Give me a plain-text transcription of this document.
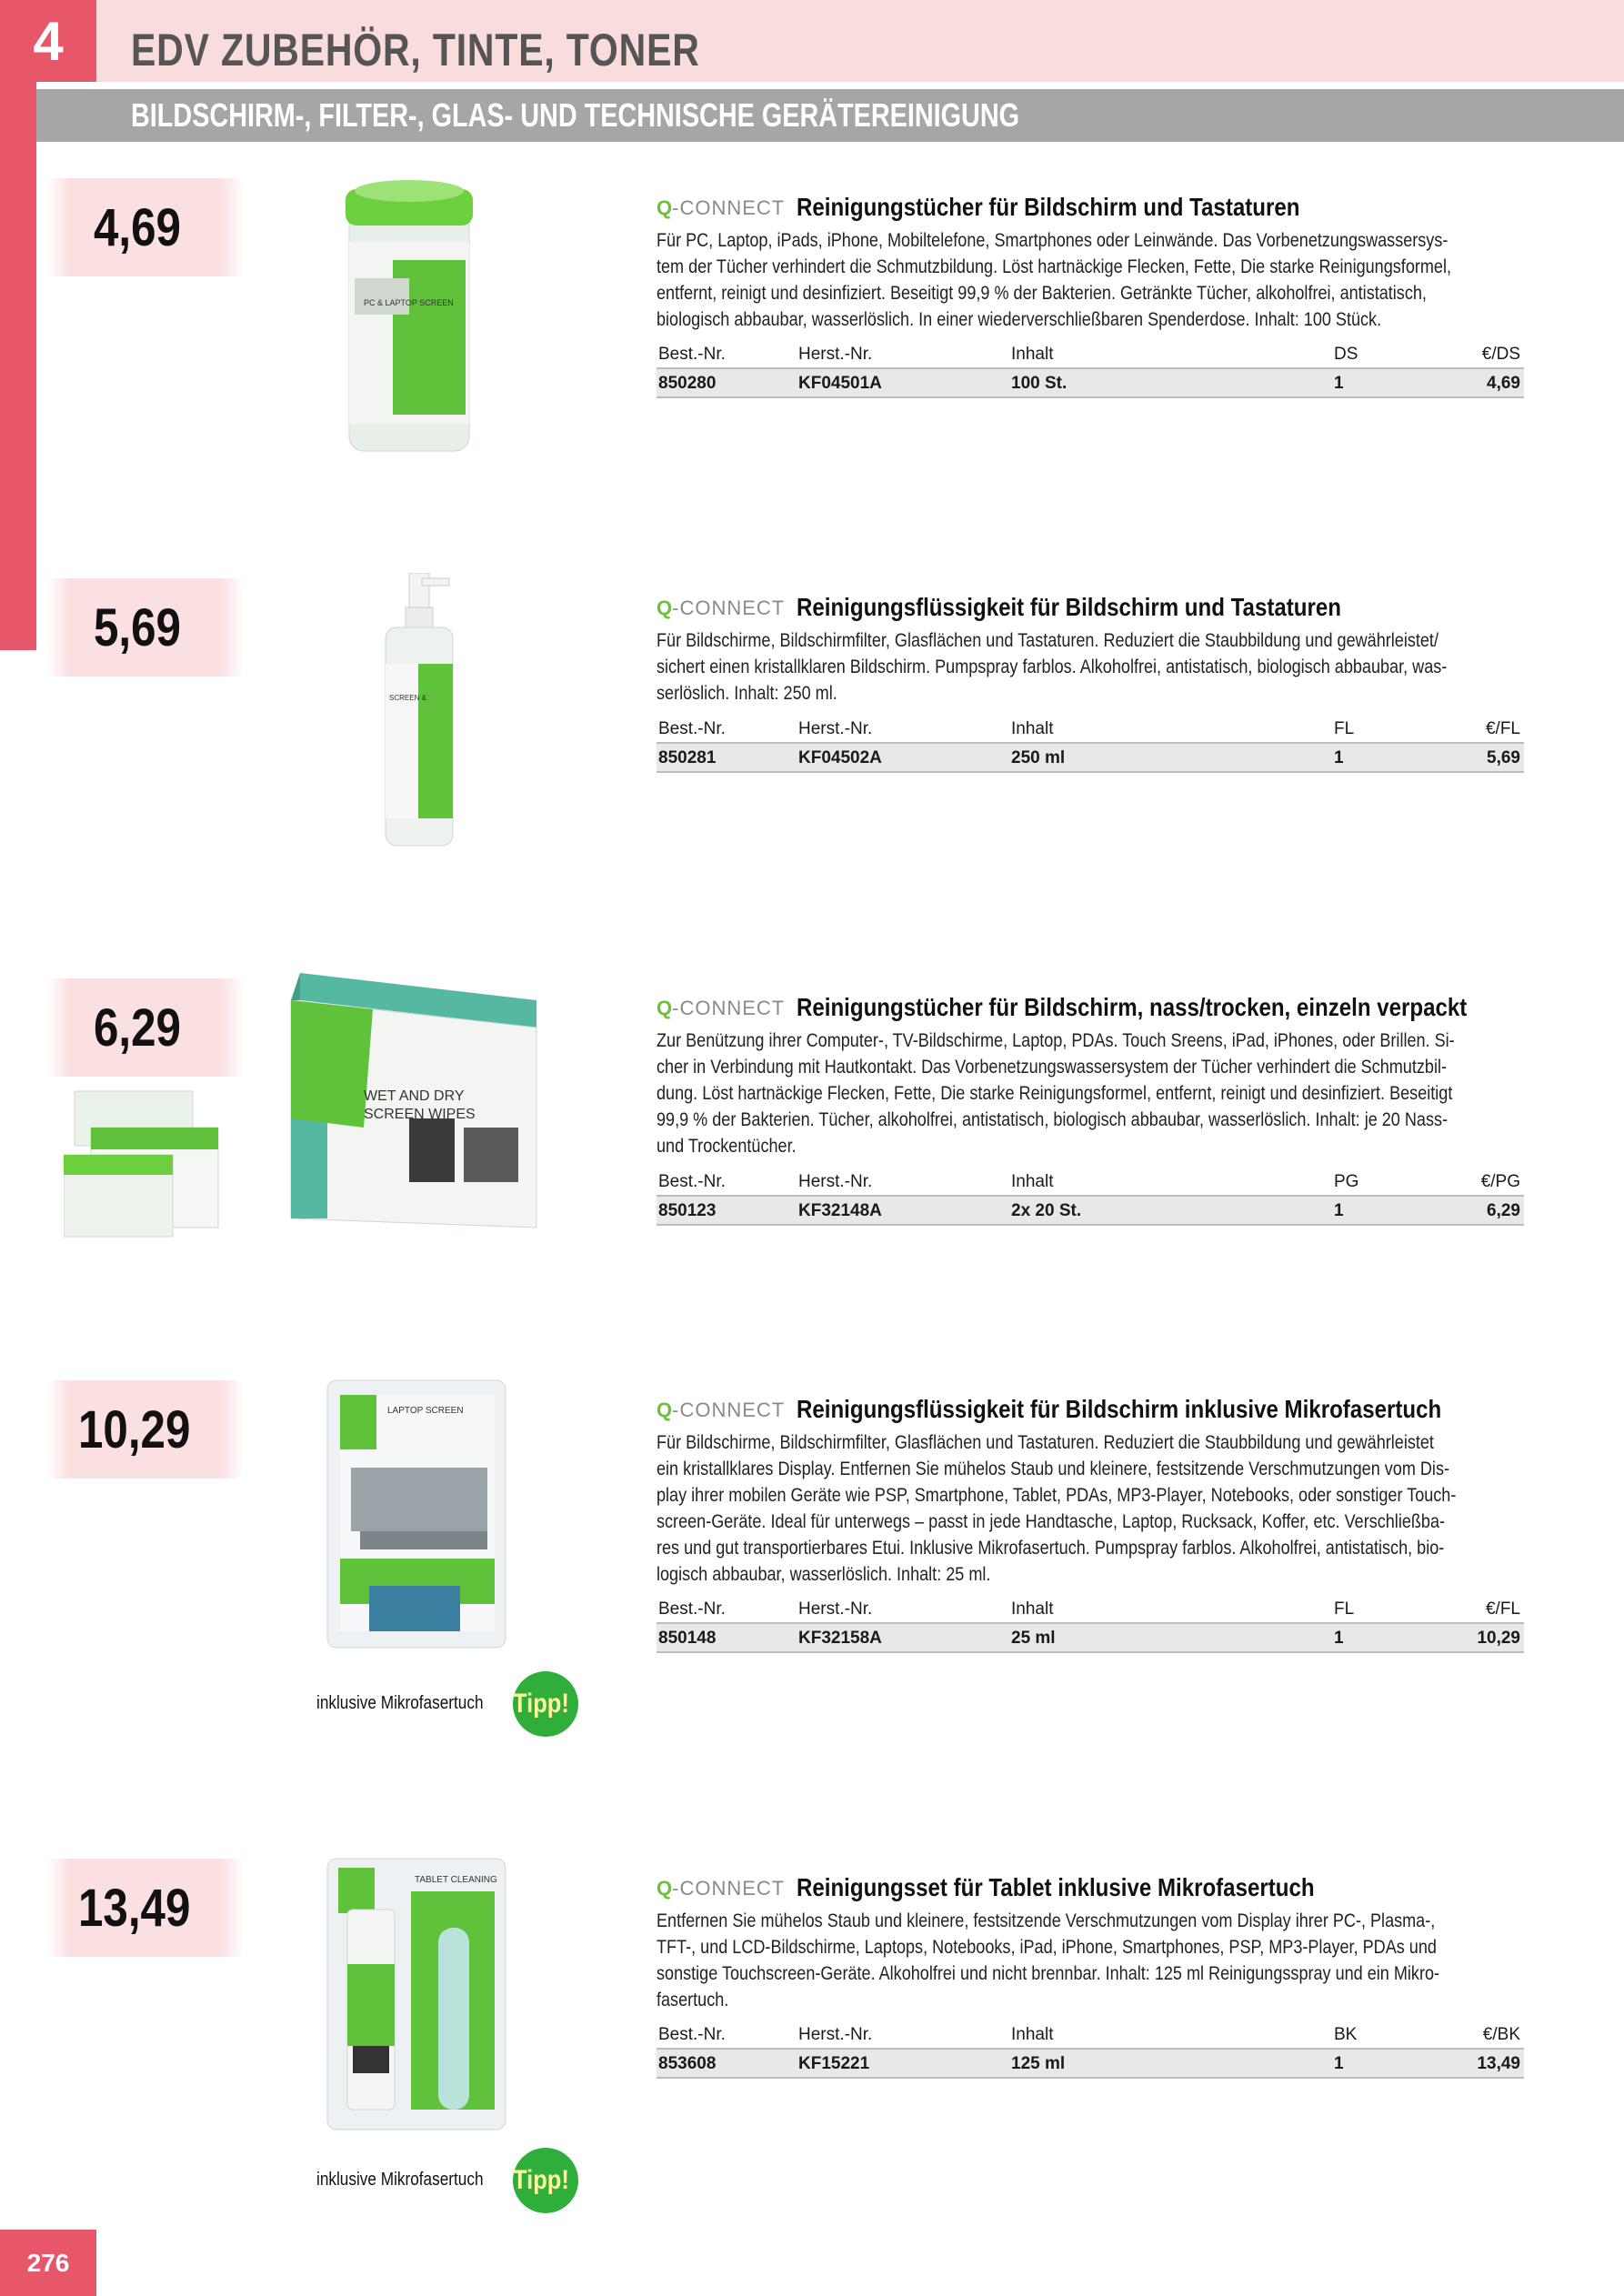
4 EDV ZUBEHÖR, TINTE, TONER
BILDSCHIRM-, FILTER-, GLAS- UND TECHNISCHE GERÄTEREINIGUNG
4,69
PC & LAPTOP SCREEN
Q-CONNECT Reinigungstücher für Bildschirm und Tastaturen
Für PC, Laptop, iPads, iPhone, Mobiltelefone, Smartphones oder Leinwände. Das Vorbenetzungswassersys-
tem der Tücher verhindert die Schmutzbildung. Löst hartnäckige Flecken, Fette, Die starke Reinigungsformel,
entfernt, reinigt und desinfiziert. Beseitigt 99,9 % der Bakterien. Getränkte Tücher, alkoholfrei, antistatisch,
biologisch abbaubar, wasserlöslich. In einer wiederverschließbaren Spenderdose. Inhalt: 100 Stück.
Best.-Nr.	Herst.-Nr.	Inhalt	DS	€/DS
850280	KF04501A	100 St.	1	4,69
5,69
SCREEN &
Q-CONNECT Reinigungsflüssigkeit für Bildschirm und Tastaturen
Für Bildschirme, Bildschirmfilter, Glasflächen und Tastaturen. Reduziert die Staubbildung und gewährleistet/
sichert einen kristallklaren Bildschirm. Pumpspray farblos. Alkoholfrei, antistatisch, biologisch abbaubar, was-
serlöslich. Inhalt: 250 ml.
Best.-Nr.	Herst.-Nr.	Inhalt	FL	€/FL
850281	KF04502A	250 ml	1	5,69
6,29
WET AND DRY
SCREEN WIPES
Q-CONNECT Reinigungstücher für Bildschirm, nass/trocken, einzeln verpackt
Zur Benützung ihrer Computer-, TV-Bildschirme, Laptop, PDAs. Touch Sreens, iPad, iPhones, oder Brillen. Si-
cher in Verbindung mit Hautkontakt. Das Vorbenetzungswassersystem der Tücher verhindert die Schmutzbil-
dung. Löst hartnäckige Flecken, Fette, Die starke Reinigungsformel, entfernt, reinigt und desinfiziert. Beseitigt
99,9 % der Bakterien. Tücher, alkoholfrei, antistatisch, biologisch abbaubar, wasserlöslich. Inhalt: je 20 Nass-
und Trockentücher.
Best.-Nr.	Herst.-Nr.	Inhalt	PG	€/PG
850123	KF32148A	2x 20 St.	1	6,29
10,29	LAPTOP SCREEN	Q-CONNECT Reinigungsflüssigkeit für Bildschirm inklusive Mikrofasertuch
Für Bildschirme, Bildschirmfilter, Glasflächen und Tastaturen. Reduziert die Staubbildung und gewährleistet
ein kristallklares Display. Entfernen Sie mühelos Staub und kleinere, festsitzende Verschmutzungen vom Dis-
play ihrer mobilen Geräte wie PSP, Smartphone, Tablet, PDAs, MP3-Player, Notebooks, oder sonstiger Touch-
screen-Geräte. Ideal für unterwegs – passt in jede Handtasche, Laptop, Rucksack, Koffer, etc. Verschließba-
res und gut transportierbares Etui. Inklusive Mikrofasertuch. Pumpspray farblos. Alkoholfrei, antistatisch, bio-
logisch abbaubar, wasserlöslich. Inhalt: 25 ml.
Best.-Nr.	Herst.-Nr.	Inhalt	FL	€/FL
850148	KF32158A	25 ml	1	10,29
inklusive Mikrofasertuch	Tipp!
13,49	TABLET CLEANING	Q-CONNECT Reinigungsset für Tablet inklusive Mikrofasertuch
Entfernen Sie mühelos Staub und kleinere, festsitzende Verschmutzungen vom Display ihrer PC-, Plasma-,
TFT-, und LCD-Bildschirme, Laptops, Notebooks, iPad, iPhone, Smartphones, PSP, MP3-Player, PDAs und
sonstige Touchscreen-Geräte. Alkoholfrei und nicht brennbar. Inhalt: 125 ml Reinigungsspray und ein Mikro-
fasertuch.
Best.-Nr.	Herst.-Nr.	Inhalt	BK	€/BK
853608	KF15221	125 ml	1	13,49
inklusive Mikrofasertuch	Tipp!
276
